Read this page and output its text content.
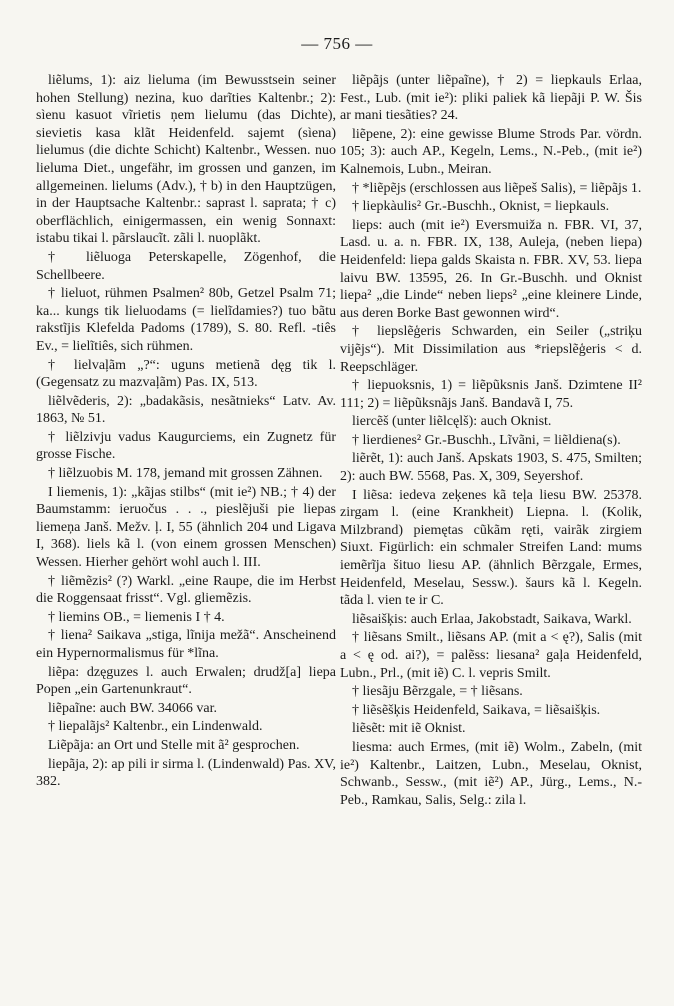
— 756 —

liẽlums, 1): aiz lieluma (im Bewusstsein seiner hohen Stellung) nezina, kuo darĩties Kaltenbr.; 2): sìenu kasuot vĩrietis ņem lielumu (das Dichte), sievietis kasa klãt Heidenfeld. sajemt (sìena) lielumus (die dichte Schicht) Kaltenbr., Wessen. nuo lieluma Diet., ungefähr, im grossen und ganzen, im allgemeinen. lielums (Adv.), † b) in den Hauptzügen, in der Hauptsache Kaltenbr.: saprast l. saprata; † c) oberflächlich, einigermassen, ein wenig Sonnaxt: istabu tikai l. pãrslaucĩt. zãli l. nuoplãkt.

† liẽluoga Peterskapelle, Zögenhof, die Schellbeere.

† lieluot, rühmen Psalmen² 80b, Getzel Psalm 71; ka... kungs tik lieluodams (= lielĩdamies?) tuo bãtu rakstĩjis Klefelda Padoms (1789), S. 80. Refl. -tiês Ev., = lielĩtiês, sich rühmen.

† lielvaļãm „?“: uguns metienã dęg tik l. (Gegensatz zu mazvaļãm) Pas. IX, 513.

liẽlvẽderis, 2): „badakãsis, nesãtnieks“ Latv. Av. 1863, № 51.

† liẽlzivju vadus Kaugurciems, ein Zugnetz für grosse Fische.

† liẽlzuobis M. 178, jemand mit grossen Zähnen.

I liemenis, 1): „kãjas stilbs“ (mit ie²) NB.; † 4) der Baumstamm: ieruočus . . ., pieslẽjuši pie liepas liemeņa Janš. Mežv. ļ. I, 55 (ähnlich 204 und Ligava I, 368). liels kã l. (von einem grossen Menschen) Wessen. Hierher gehört wohl auch l. III.

† liẽmẽzis² (?) Warkl. „eine Raupe, die im Herbst die Roggensaat frisst“. Vgl. gliemẽzis.

† liemins OB., = liemenis I † 4.

† liena² Saikava „stiga, lĩnija mežã“. Anscheinend ein Hypernormalismus für *lĩna.

liẽpa: dzęguzes l. auch Erwalen; drudž[a] liepa Popen „ein Gartenunkraut“.

liẽpaĩne: auch BW. 34066 var.

† liepalãjs² Kaltenbr., ein Lindenwald.

Liẽpãja: an Ort und Stelle mit ã² gesprochen.

liepãja, 2): ap pili ir sirma l. (Lindenwald) Pas. XV, 382.

liẽpãjs (unter liẽpaĩne), † 2) = liepkauls Erlaa, Fest., Lub. (mit ie²): pliki paliek kã liepãji P. W. Šis ar mani tiesãties? 24.

liẽpene, 2): eine gewisse Blume Strods Par. vördn. 105; 3): auch AP., Kegeln, Lems., N.-Peb., (mit ie²) Kalnemois, Lubn., Meiran.

† *liẽpẽjs (erschlossen aus liẽpeš Salis), = liẽpãjs 1.

† liepkàulis² Gr.-Buschh., Oknist, = liepkauls.

lieps: auch (mit ie²) Eversmuiža n. FBR. VI, 37, Lasd. u. a. n. FBR. IX, 138, Auleja, (neben liepa) Heidenfeld: liepa galds Skaista n. FBR. XV, 53. liepa laivu BW. 13595, 26. In Gr.-Buschh. und Oknist liepa² „die Linde“ neben lieps² „eine kleinere Linde, aus deren Borke Bast gewonnen wird“.

† liepslẽģeris Schwarden, ein Seiler („striķu vijẽjs“). Mit Dissimilation aus *riepslẽģeris < d. Reepschläger.

† liepuoksnis, 1) = liẽpũksnis Janš. Dzimtene II² 111; 2) = liẽpũksnãjs Janš. Bandavã I, 75.

liercẽš (unter liẽlcęlš): auch Oknist.

† lierdienes² Gr.-Buschh., Lĩvãni, = liẽldiena(s).

liẽrẽt, 1): auch Janš. Apskats 1903, S. 475, Smilten; 2): auch BW. 5568, Pas. X, 309, Seyershof.

I liẽsa: iedeva zeķenes kã teļa liesu BW. 25378. zirgam l. (eine Krankheit) Liepna. l. (Kolik, Milzbrand) piemętas cũkãm ręti, vairãk zirgiem Siuxt. Figürlich: ein schmaler Streifen Land: mums iemẽrĩja šituo liesu AP. (ähnlich Bẽrzgale, Ermes, Heidenfeld, Meselau, Sessw.). šaurs kã l. Kegeln. tãda l. vien te ir C.

liẽsaišķis: auch Erlaa, Jakobstadt, Saikava, Warkl.

† liẽsans Smilt., liẽsans AP. (mit a < ę?), Salis (mit a < ę od. ai?), = palẽss: liesana² gaļa Heidenfeld, Lubn., Prl., (mit iẽ) C. l. vepris Smilt.

† liesãju Bẽrzgale, = † liẽsans.

† liẽsẽšķis Heidenfeld, Saikava, = liẽsaišķis.

liẽsẽt: mit iẽ Oknist.

liesma: auch Ermes, (mit iẽ) Wolm., Zabeln, (mit ie²) Kaltenbr., Laitzen, Lubn., Meselau, Oknist, Schwanb., Sessw., (mit iẽ²) AP., Jürg., Lems., N.-Peb., Ramkau, Salis, Selg.: zila l.
